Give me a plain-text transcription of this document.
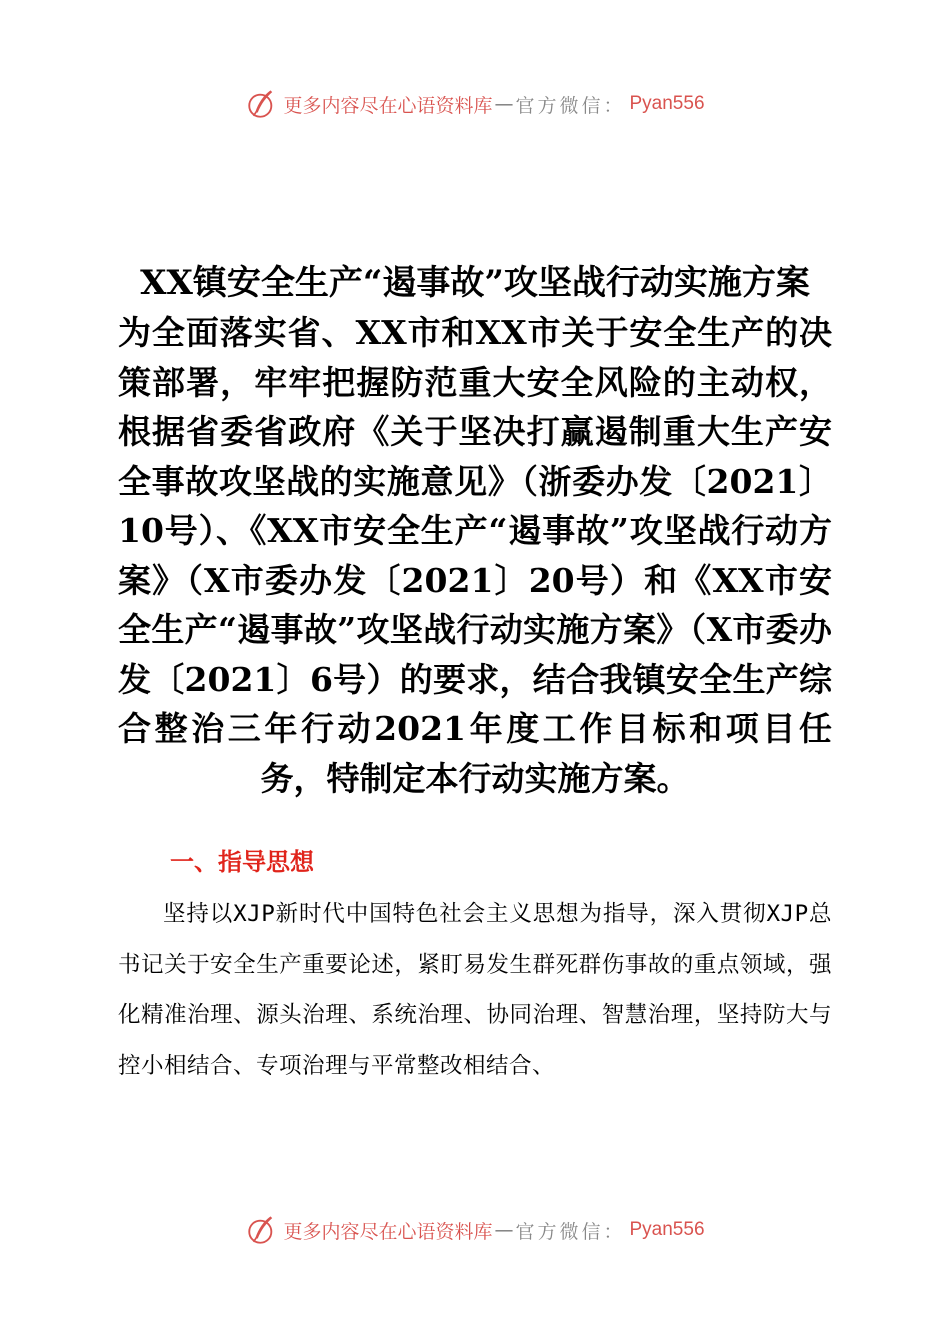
更多内容尽在心语资料库 — 官方微信： Pyan556
XX镇安全生产“遏事故”攻坚战行动实施方案

为全面落实省、XX市和XX市关于安全生产的决策部署，牢牢把握防范重大安全风险的主动权，根据省委省政府《关于坚决打赢遏制重大生产安全事故攻坚战的实施意见》（浙委办发〔2021〕10号）、《XX市安全生产“遏事故”攻坚战行动方案》（X市委办发〔2021〕20号）和《XX市安全生产“遏事故”攻坚战行动实施方案》（X市委办发〔2021〕6号）的要求，结合我镇安全生产综合整治三年行动2021年度工作目标和项目任务，特制定本行动实施方案。

一、指导思想

坚持以XJP新时代中国特色社会主义思想为指导，深入贯彻XJP总书记关于安全生产重要论述，紧盯易发生群死群伤事故的重点领域，强化精准治理、源头治理、系统治理、协同治理、智慧治理，坚持防大与控小相结合、专项治理与平常整改相结合、

更多内容尽在心语资料库 — 官方微信： Pyan556
